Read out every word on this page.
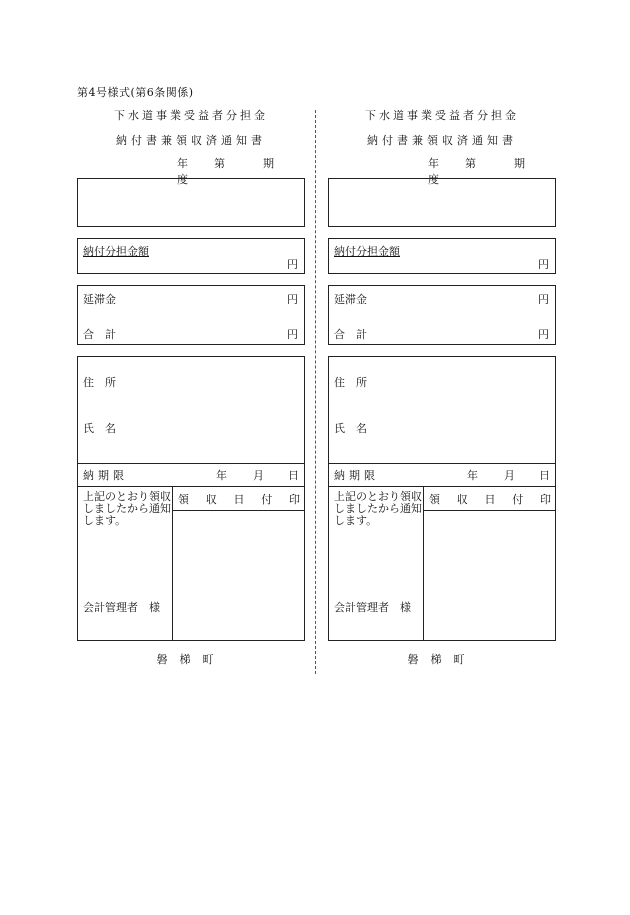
第4号様式(第6条関係)
下水道事業受益者分担金
納付書兼領収済通知書
年度
第	期
納付分担金額
円
延滞金	円
合　計	円
住　所
氏　名
納期限	年 月 日
上記のとおり領収しましたから通知します。
領 収 日 付 印
会計管理者　様
磐梯町
下水道事業受益者分担金
納付書兼領収済通知書
年度
第	期
納付分担金額
円
延滞金	円
合　計	円
住　所
氏　名
納期限	年 月 日
上記のとおり領収しましたから通知します。
領 収 日 付 印
会計管理者　様
磐梯町
